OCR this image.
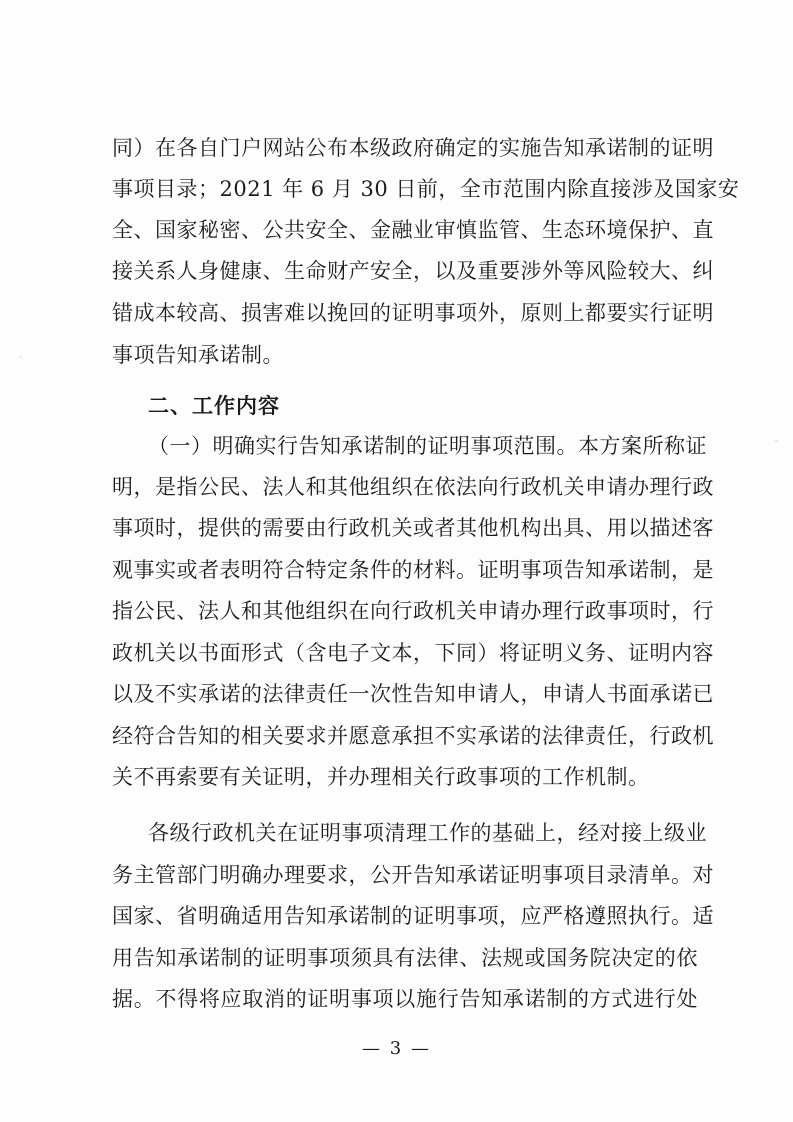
同）在各自门户网站公布本级政府确定的实施告知承诺制的证明
事项目录；2021 年 6 月 30 日前，全市范围内除直接涉及国家安
全、国家秘密、公共安全、金融业审慎监管、生态环境保护、直
接关系人身健康、生命财产安全，以及重要涉外等风险较大、纠
错成本较高、损害难以挽回的证明事项外，原则上都要实行证明
事项告知承诺制。
二、工作内容
（一）明确实行告知承诺制的证明事项范围。本方案所称证
明，是指公民、法人和其他组织在依法向行政机关申请办理行政
事项时，提供的需要由行政机关或者其他机构出具、用以描述客
观事实或者表明符合特定条件的材料。证明事项告知承诺制，是
指公民、法人和其他组织在向行政机关申请办理行政事项时，行
政机关以书面形式（含电子文本，下同）将证明义务、证明内容
以及不实承诺的法律责任一次性告知申请人，申请人书面承诺已
经符合告知的相关要求并愿意承担不实承诺的法律责任，行政机
关不再索要有关证明，并办理相关行政事项的工作机制。
各级行政机关在证明事项清理工作的基础上，经对接上级业
务主管部门明确办理要求，公开告知承诺证明事项目录清单。对
国家、省明确适用告知承诺制的证明事项，应严格遵照执行。适
用告知承诺制的证明事项须具有法律、法规或国务院决定的依
据。不得将应取消的证明事项以施行告知承诺制的方式进行处
— 3 —
